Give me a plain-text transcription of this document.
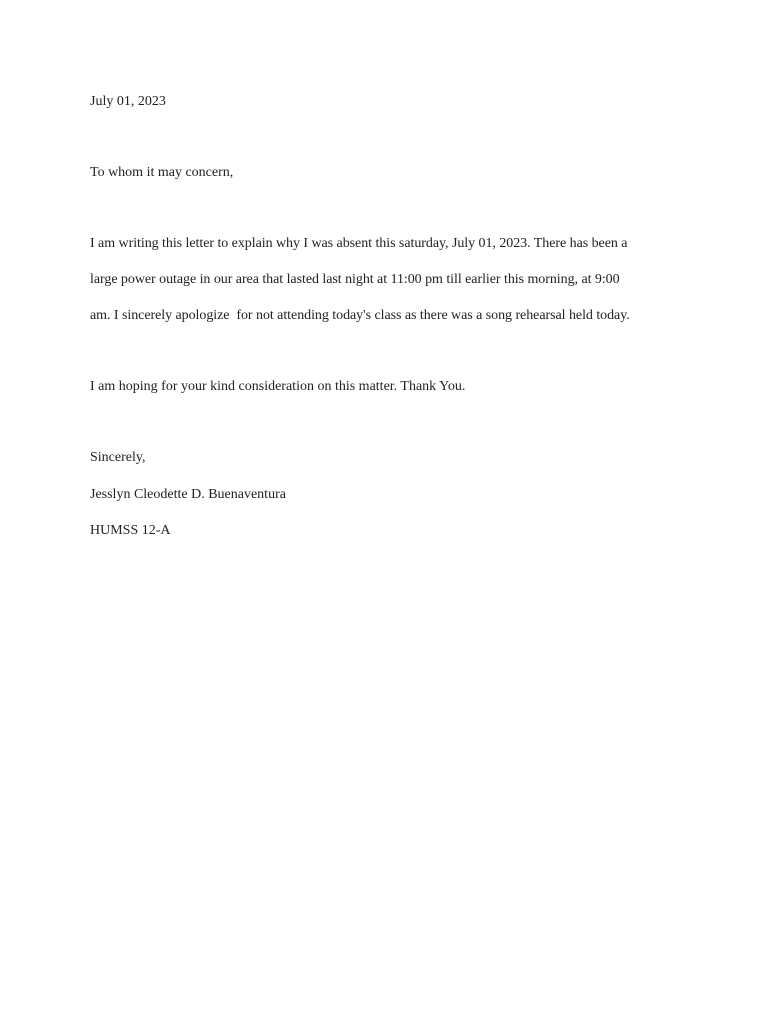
July 01, 2023
To whom it may concern,
I am writing this letter to explain why I was absent this saturday, July 01, 2023. There has been a
large power outage in our area that lasted last night at 11:00 pm till earlier this morning, at 9:00
am. I sincerely apologize  for not attending today's class as there was a song rehearsal held today.
I am hoping for your kind consideration on this matter. Thank You.
Sincerely,
Jesslyn Cleodette D. Buenaventura
HUMSS 12-A
